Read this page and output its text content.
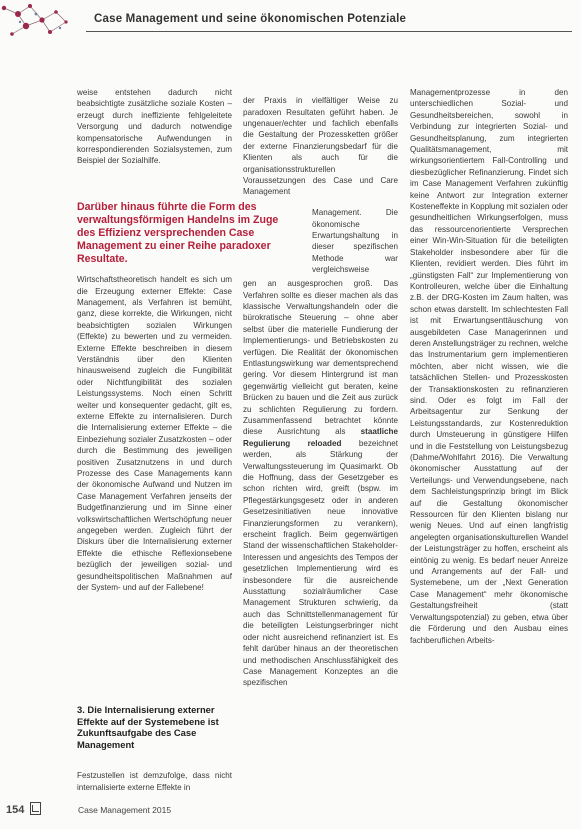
Case Management und seine ökonomischen Potenziale

weise entstehen dadurch nicht beabsichtigte zusätzliche soziale Kosten – erzeugt durch ineffiziente fehlgeleitete Versorgung und dadurch notwendige kompensatorische Aufwendungen in korrespondierenden Sozialsystemen, zum Beispiel der Sozialhilfe.

Darüber hinaus führte die Form des verwaltungsförmigen Handelns im Zuge des Effizienz versprechenden Case Management zu einer Reihe paradoxer Resultate.

Wirtschaftstheoretisch handelt es sich um die Erzeugung externer Effekte: Case Management, als Verfahren ist bemüht, ganz, diese korrekte, die Wirkungen, nicht beabsichtigten sozialen Wirkungen (Effekte) zu bewerten und zu vermeiden. Externe Effekte beschreiben in diesem Verständnis über den Klienten hinausweisend zugleich die Fungibilität oder Nichtfungibilität des sozialen Leistungssystems. Noch einen Schritt weiter und konsequenter gedacht, gilt es, externe Effekte zu internalisieren. Durch die Internalisierung externer Effekte – die Einbeziehung sozialer Zusatzkosten – oder durch die Bestimmung des jeweiligen positiven Zusatznutzens in und durch Prozesse des Case Managements kann der ökonomische Aufwand und Nutzen im Case Management Verfahren jenseits der Budgetfinanzierung und im Sinne einer volkswirtschaftlichen Wertschöpfung neuer angegeben werden. Zugleich führt der Diskurs über die Internalisierung externer Effekte die ethische Reflexionsebene bezüglich der jeweiligen sozial- und gesundheitspolitischen Maßnahmen auf der System- und auf der Fallebene!

3. Die Internalisierung externer Effekte auf der Systemebene ist Zukunftsaufgabe des Case Management

Festzustellen ist demzufolge, dass nicht internalisierte externe Effekte in

der Praxis in vielfältiger Weise zu paradoxen Resultaten geführt haben. Je ungenauer/echter und fachlich ebenfalls die Gestaltung der Prozessketten größer der externe Finanzierungsbedarf für die Klienten als auch für die organisationsstrukturellen Voraussetzungen des Case und Care Management

Management. Die ökonomische Erwartungshaltung in dieser spezifischen Methode war vergleichsweise

gen an ausgesprochen groß. Das Verfahren sollte es dieser machen als das klassische Verwaltungshandeln oder die bürokratische Steuerung – ohne aber selbst über die materielle Fundierung der Implementierungs- und Betriebskosten zu verfügen. Die Realität der ökonomischen Entlastungswirkung war dementsprechend gering. Vor diesem Hintergrund ist man gegenwärtig vielleicht gut beraten, keine Brücken zu bauen und die Zeit aus zurück zu schlichten Regulierung zu fordern. Zusammenfassend betrachtet könnte diese Ausrichtung als staatliche Regulierung reloaded bezeichnet werden, als Stärkung der Verwaltungssteuerung im Quasimarkt. Ob die Hoffnung, dass der Gesetzgeber es schon richten wird, greift (bspw. im Pflegestärkungsgesetz oder in anderen Gesetzesinitiativen neue innovative Finanzierungsformen zu verankern), erscheint fraglich. Beim gegenwärtigen Stand der wissenschaftlichen Stakeholder-Interessen und angesichts des Tempos der gesetzlichen Implementierung wird es insbesondere für die ausreichende Ausstattung sozialräumlicher Case Management Strukturen schwierig, da auch das Schnittstellenmanagement für die beteiligten Leistungserbringer nicht oder nicht ausreichend refinanziert ist. Es fehlt darüber hinaus an der theoretischen und methodischen Anschlussfähigkeit des Case Management Konzeptes an die spezifischen

Managementprozesse in den unterschiedlichen Sozial- und Gesundheitsbereichen, sowohl in Verbindung zur integrierten Sozial- und Gesundheitsplanung, zum integrierten Qualitätsmanagement, mit wirkungsorientiertem Fall-Controlling und diesbezüglicher Refinanzierung. Findet sich im Case Management Verfahren zukünftig keine Antwort zur Integration externer Kosteneffekte in Kopplung mit sozialen oder gesundheitlichen Wirkungserfolgen, muss das ressourcenorientierte Versprechen einer Win-Win-Situation für die beteiligten Stakeholder insbesondere aber für die Klienten, revidiert werden. Dies führt im „günstigsten Fall“ zur Implementierung von Kontrolleuren, welche über die Einhaltung z.B. der DRG-Kosten im Zaum halten, was schon etwas darstellt. Im schlechtesten Fall ist mit Erwartungsenttäuschung von ausgebildeten Case Managerinnen und deren Anstellungsträger zu rechnen, welche das Instrumentarium gern implementieren möchten, aber nicht wissen, wie die tatsächlichen Stellen- und Prozesskosten der Transaktionskosten zu refinanzieren sind. Oder es folgt im Fall der Arbeitsagentur zur Senkung der Leistungsstandards, zur Kostenreduktion durch Umsteuerung in günstigere Hilfen und in die Feststellung von Leistungsbezug (Dahme/Wohlfahrt 2016). Die Verwaltung ökonomischer Ausstattung auf der Verteilungs- und Verwendungsebene, nach dem Sachleistungsprinzip bringt im Blick auf die Gestaltung ökonomischer Ressourcen für den Klienten bislang nur wenig Neues. Und auf einen langfristig angelegten organisationskulturellen Wandel der Leistungsträger zu hoffen, erscheint als eintönig zu wenig. Es bedarf neuer Anreize und Arrangements auf der Fall- und Systemebene, um der „Next Generation Case Management“ mehr ökonomische Gestaltungsfreiheit (statt Verwaltungspotenzial) zu geben, etwa über die Förderung und den Ausbau eines fachberuflichen Arbeits-

154	Case Management 2015
